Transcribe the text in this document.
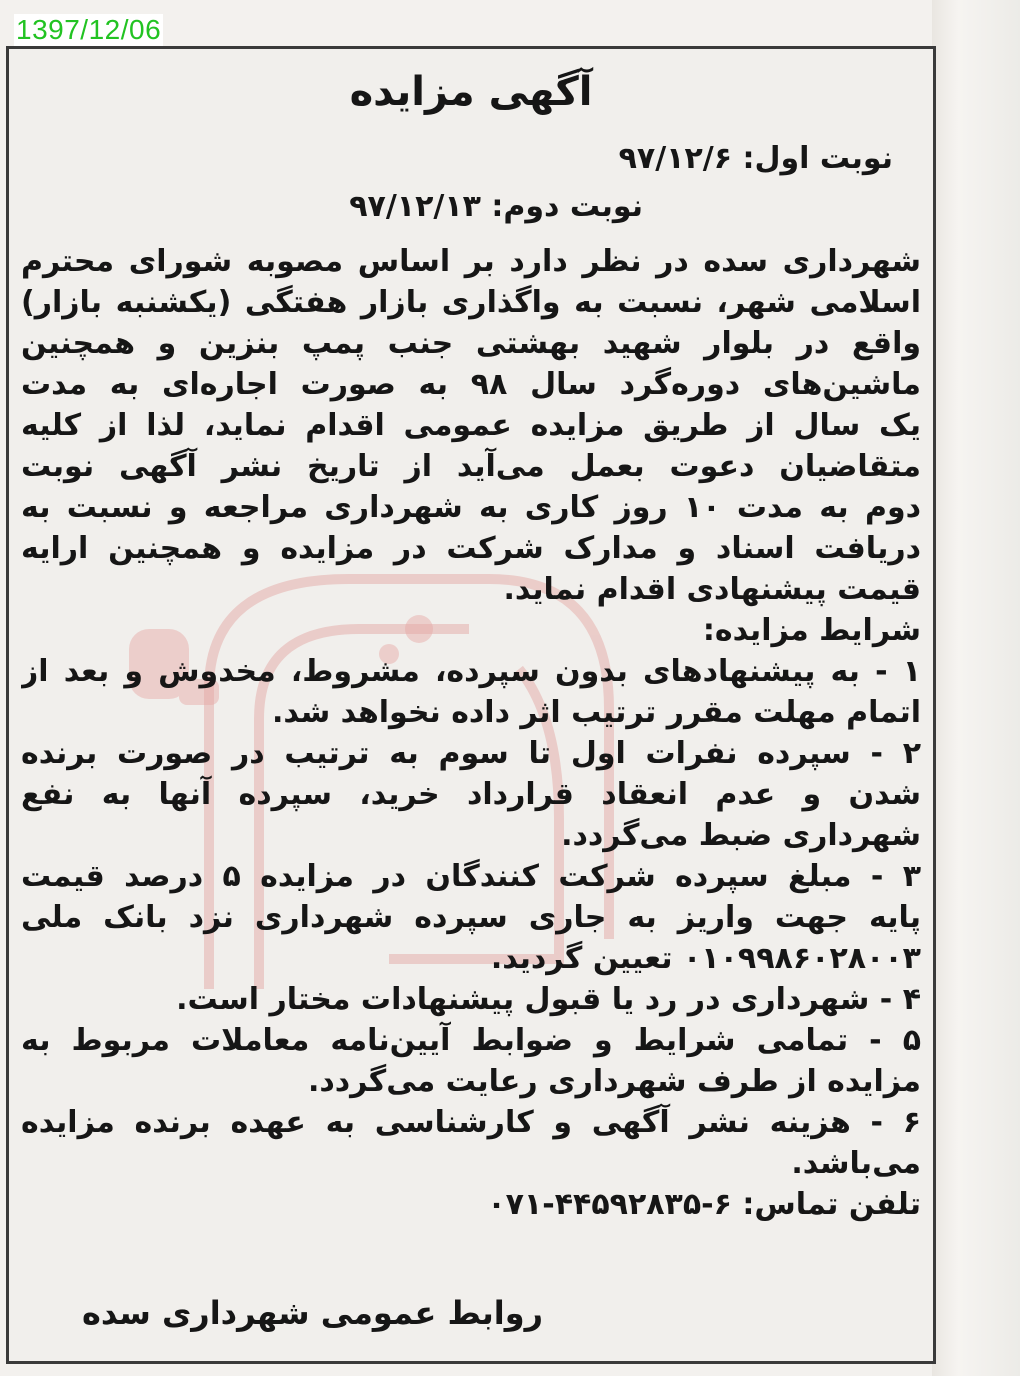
1397/12/06
آگهی مزایده
نوبت اول: ۹۷/۱۲/۶
نوبت دوم: ۹۷/۱۲/۱۳
شهرداری سده در نظر دارد بر اساس مصوبه شورای محترم
اسلامی شهر، نسبت به واگذاری بازار هفتگی (یکشنبه بازار)
واقع در بلوار شهید بهشتی جنب پمپ بنزین و همچنین
ماشین‌های دوره‌گرد سال ۹۸ به صورت اجاره‌ای به مدت
یک سال از طریق مزایده عمومی اقدام نماید، لذا از کلیه
متقاضیان دعوت بعمل می‌آید از تاریخ نشر آگهی نوبت
دوم به مدت ۱۰ روز کاری به شهرداری مراجعه و نسبت به
دریافت اسناد و مدارک شرکت در مزایده و همچنین ارایه
قیمت پیشنهادی اقدام نماید.
شرایط مزایده:
۱ - به پیشنهادهای بدون سپرده، مشروط، مخدوش و بعد از
اتمام مهلت مقرر ترتیب اثر داده نخواهد شد.
۲ - سپرده نفرات اول تا سوم به ترتیب در صورت برنده
شدن و عدم انعقاد قرارداد خرید، سپرده آنها به نفع
شهرداری ضبط می‌گردد.
۳ - مبلغ سپرده شرکت کنندگان در مزایده ۵ درصد قیمت
پایه جهت واریز به جاری سپرده شهرداری نزد بانک ملی
۰۱۰۹۹۸۶۰۲۸۰۰۳ تعیین گردید.
۴ - شهرداری در رد یا قبول پیشنهادات مختار است.
۵ - تمامی شرایط و ضوابط آیین‌نامه معاملات مربوط به
مزایده از طرف شهرداری رعایت می‌گردد.
۶ - هزینه نشر آگهی و کارشناسی به عهده برنده مزایده
می‌باشد.
تلفن تماس: ۰۷۱-۴۴۵۹۲۸۳۵-۶
روابط عمومی شهرداری سده
